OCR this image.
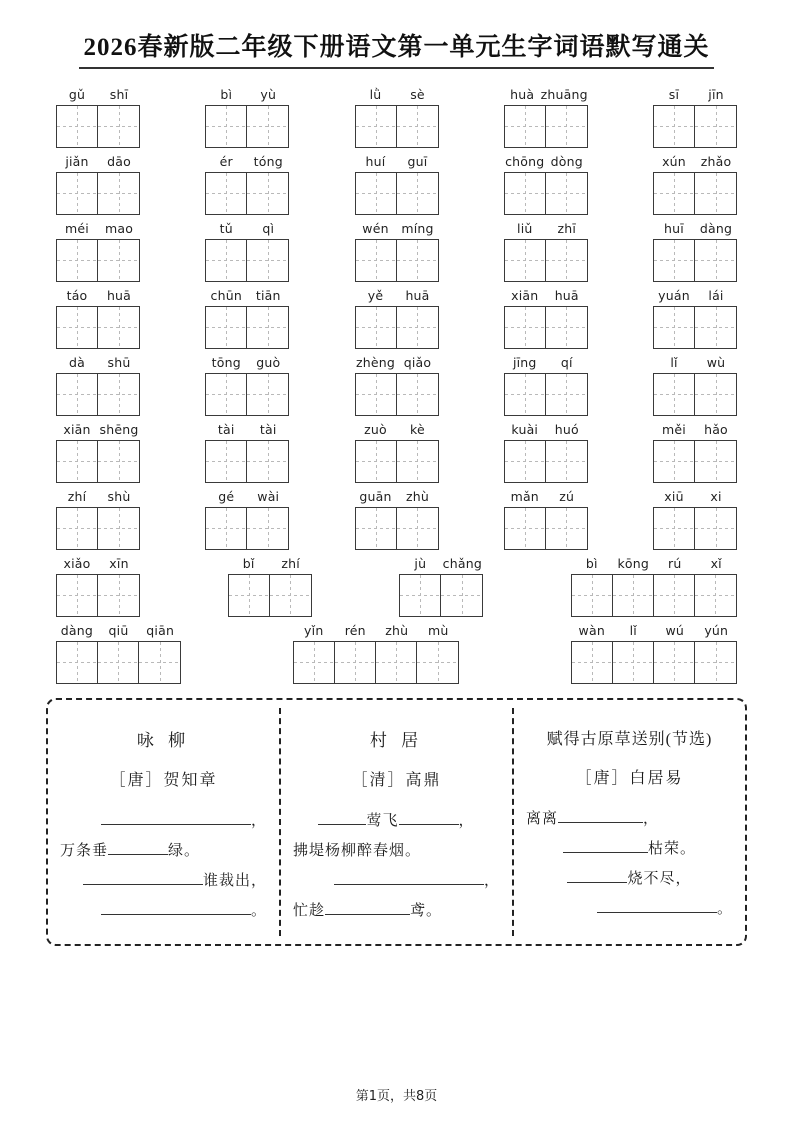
2026春新版二年级下册语文第一单元生字词语默写通关
gǔ	shī	bì	yù	lǜ	sè	huà zhuāng	sī	jīn
jiǎn	dāo	ér	tóng	huí	guī	chōng dòng	xún	zhǎo
méi	mao	tǔ	qì	wén	míng	liǔ	zhī	huī	dàng
táo	huā	chūn	tiān	yě	huā	xiān	huā	yuán	lái
dà	shū	tōng	guò	zhèng qiǎo	jīng	qí	lǐ	wù
xiān shēng	tài	tài	zuò	kè	kuài	huó	měi	hǎo
zhí	shù	gé	wài	guān	zhù	mǎn	zú	xiū	xi
xiǎo	xīn	bǐ	zhí	jù	chǎng	bì	kōng	rú	xǐ
dàng	qiū	qiān	yǐn	rén	zhù	mù	wàn	lǐ	wú	yún
咏 柳
［唐］贺知章
，
万条垂	绿。
谁裁出，
。
村 居
［清］高鼎
莺飞	，
拂堤杨柳醉春烟。
，
忙趁	鸢。
赋得古原草送别(节选)
［唐］白居易
离离	，
枯荣。
烧不尽，
。
第1页，共8页
